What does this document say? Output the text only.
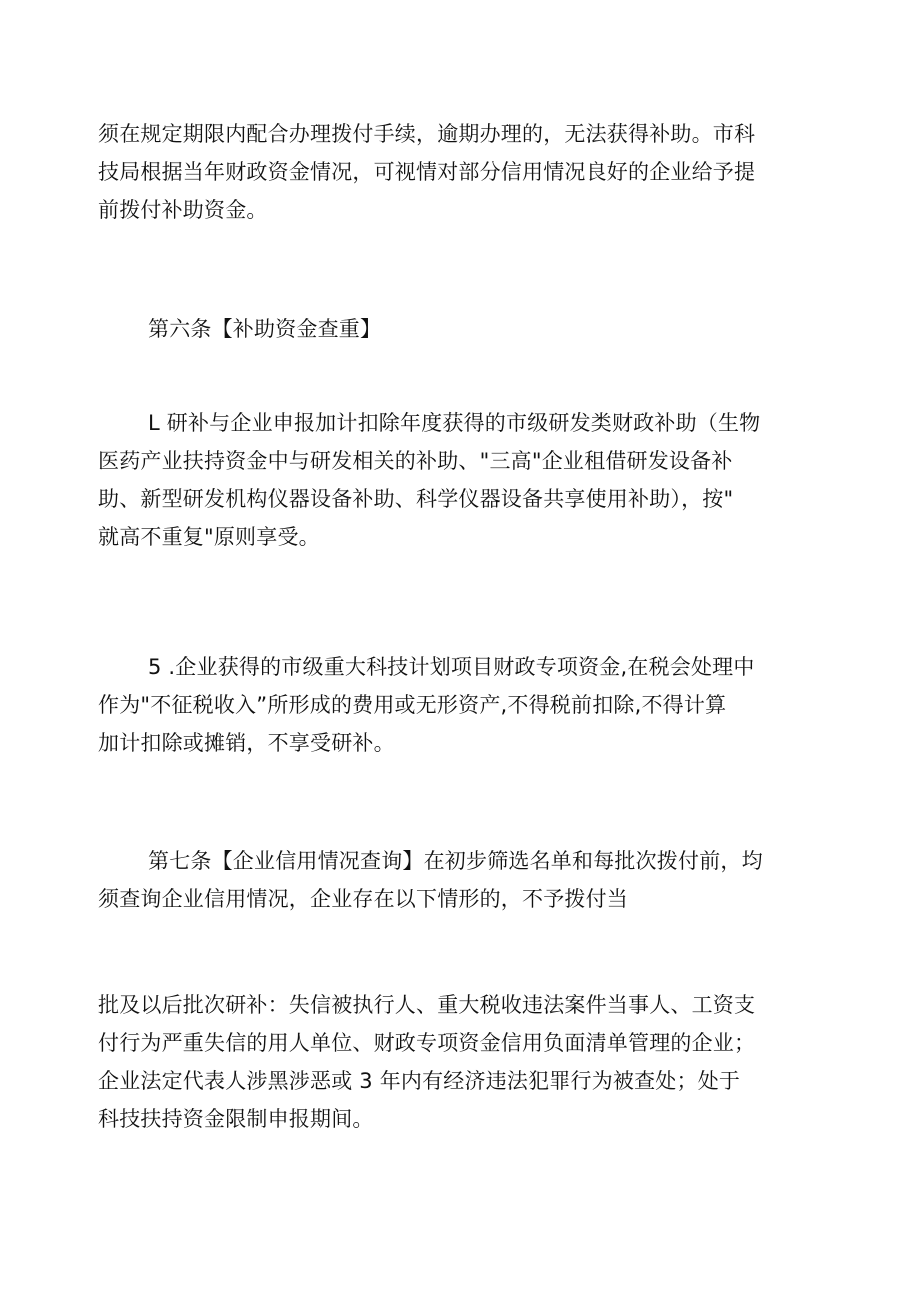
须在规定期限内配合办理拨付手续，逾期办理的，无法获得补助。市科
技局根据当年财政资金情况，可视情对部分信用情况良好的企业给予提
前拨付补助资金。
第六条【补助资金查重】
L 研补与企业申报加计扣除年度获得的市级研发类财政补助（生物
医药产业扶持资金中与研发相关的补助、"三高"企业租借研发设备补
助、新型研发机构仪器设备补助、科学仪器设备共享使用补助），按"
就高不重复"原则享受。
5 .企业获得的市级重大科技计划项目财政专项资金,在税会处理中
作为"不征税收入”所形成的费用或无形资产,不得税前扣除,不得计算
加计扣除或摊销，不享受研补。
第七条【企业信用情况查询】在初步筛选名单和每批次拨付前，均
须查询企业信用情况，企业存在以下情形的，不予拨付当
批及以后批次研补：失信被执行人、重大税收违法案件当事人、工资支
付行为严重失信的用人单位、财政专项资金信用负面清单管理的企业；
企业法定代表人涉黑涉恶或 3 年内有经济违法犯罪行为被查处；处于
科技扶持资金限制申报期间。
